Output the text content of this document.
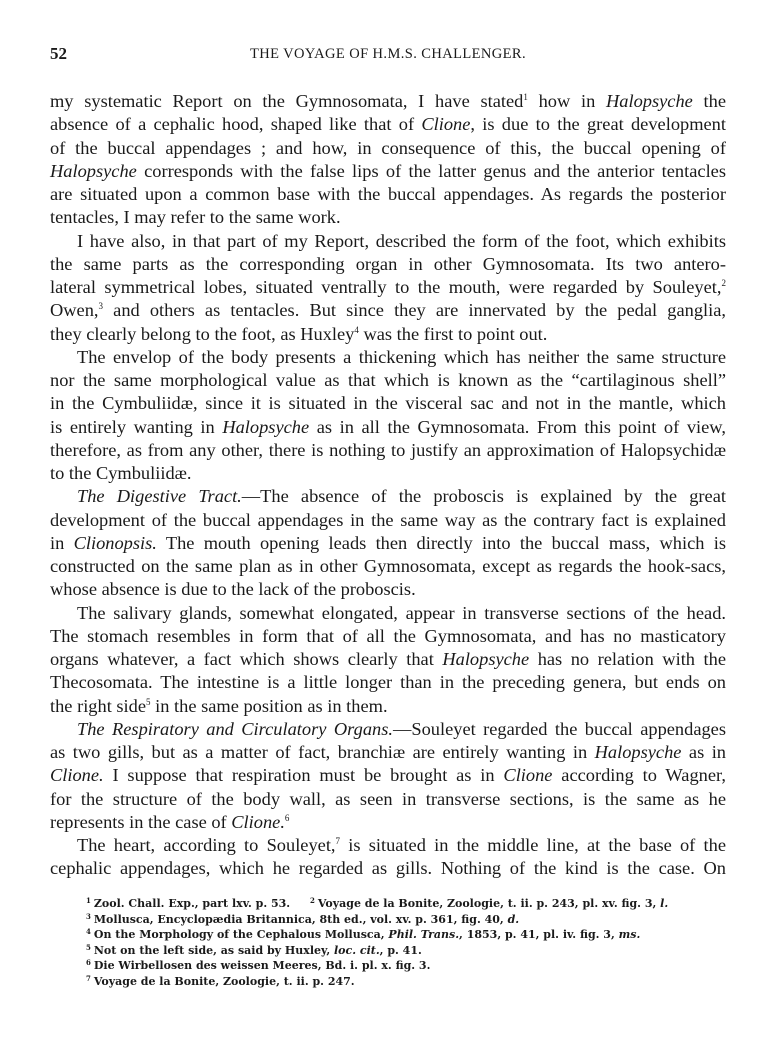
52	THE VOYAGE OF H.M.S. CHALLENGER.
my systematic Report on the Gymnosomata, I have stated$^1$ how in Halopsyche the
absence of a cephalic hood, shaped like that of Clione, is due to the great development
of the buccal appendages ; and how, in consequence of this, the buccal opening of
Halopsyche corresponds with the false lips of the latter genus and the anterior tentacles
are situated upon a common base with the buccal appendages. As regards the posterior
tentacles, I may refer to the same work.
I have also, in that part of my Report, described the form of the foot, which exhibits
the same parts as the corresponding organ in other Gymnosomata. Its two antero-
lateral symmetrical lobes, situated ventrally to the mouth, were regarded by Souleyet,$^2$
Owen,$^3$ and others as tentacles. But since they are innervated by the pedal ganglia,
they clearly belong to the foot, as Huxley$^4$ was the first to point out.
The envelop of the body presents a thickening which has neither the same structure
nor the same morphological value as that which is known as the “cartilaginous shell”
in the Cymbuliidæ, since it is situated in the visceral sac and not in the mantle, which
is entirely wanting in Halopsyche as in all the Gymnosomata. From this point of view,
therefore, as from any other, there is nothing to justify an approximation of Halopsychidæ
to the Cymbuliidæ.
The Digestive Tract.—The absence of the proboscis is explained by the great
development of the buccal appendages in the same way as the contrary fact is explained
in Clionopsis. The mouth opening leads then directly into the buccal mass, which is
constructed on the same plan as in other Gymnosomata, except as regards the hook-sacs,
whose absence is due to the lack of the proboscis.
The salivary glands, somewhat elongated, appear in transverse sections of the head.
The stomach resembles in form that of all the Gymnosomata, and has no masticatory
organs whatever, a fact which shows clearly that Halopsyche has no relation with the
Thecosomata. The intestine is a little longer than in the preceding genera, but ends on
the right side$^5$ in the same position as in them.
The Respiratory and Circulatory Organs.—Souleyet regarded the buccal appendages
as two gills, but as a matter of fact, branchiæ are entirely wanting in Halopsyche as in
Clione. I suppose that respiration must be brought as in Clione according to Wagner,
for the structure of the body wall, as seen in transverse sections, is the same as he
represents in the case of Clione.$^6$
The heart, according to Souleyet,$^7$ is situated in the middle line, at the base of the
cephalic appendages, which he regarded as gills. Nothing of the kind is the case. On
$^1$ Zool. Chall. Exp., part lxv. p. 53.	$^2$ Voyage de la Bonite, Zoologie, t. ii. p. 243, pl. xv. fig. 3, l.
$^3$ Mollusca, Encyclopædia Britannica, 8th ed., vol. xv. p. 361, fig. 40, d.
$^4$ On the Morphology of the Cephalous Mollusca, Phil. Trans., 1853, p. 41, pl. iv. fig. 3, ms.
$^5$ Not on the left side, as said by Huxley, loc. cit., p. 41.
$^6$ Die Wirbellosen des weissen Meeres, Bd. i. pl. x. fig. 3.
$^7$ Voyage de la Bonite, Zoologie, t. ii. p. 247.
